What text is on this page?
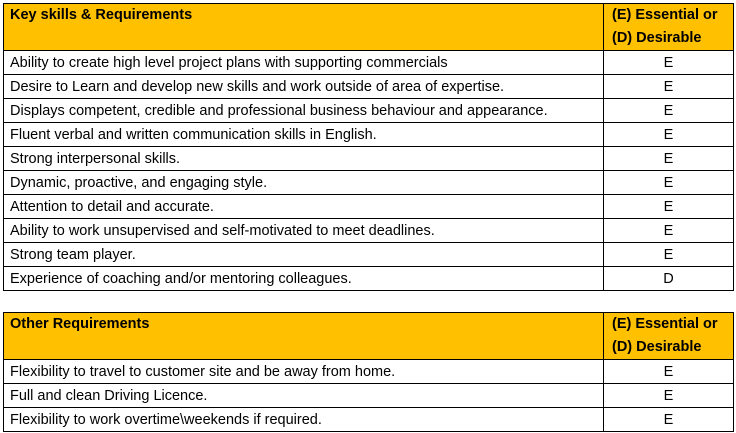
Key skills & Requirements	(E) Essential or
(D) Desirable
Ability to create high level project plans with supporting commercials	E
Desire to Learn and develop new skills and work outside of area of expertise.	E
Displays competent, credible and professional business behaviour and appearance.	E
Fluent verbal and written communication skills in English.	E
Strong interpersonal skills.	E
Dynamic, proactive, and engaging style.	E
Attention to detail and accurate.	E
Ability to work unsupervised and self-motivated to meet deadlines.	E
Strong team player.	E
Experience of coaching and/or mentoring colleagues.	D
Other Requirements	(E) Essential or
(D) Desirable
Flexibility to travel to customer site and be away from home.	E
Full and clean Driving Licence.	E
Flexibility to work overtime\weekends if required.	E
